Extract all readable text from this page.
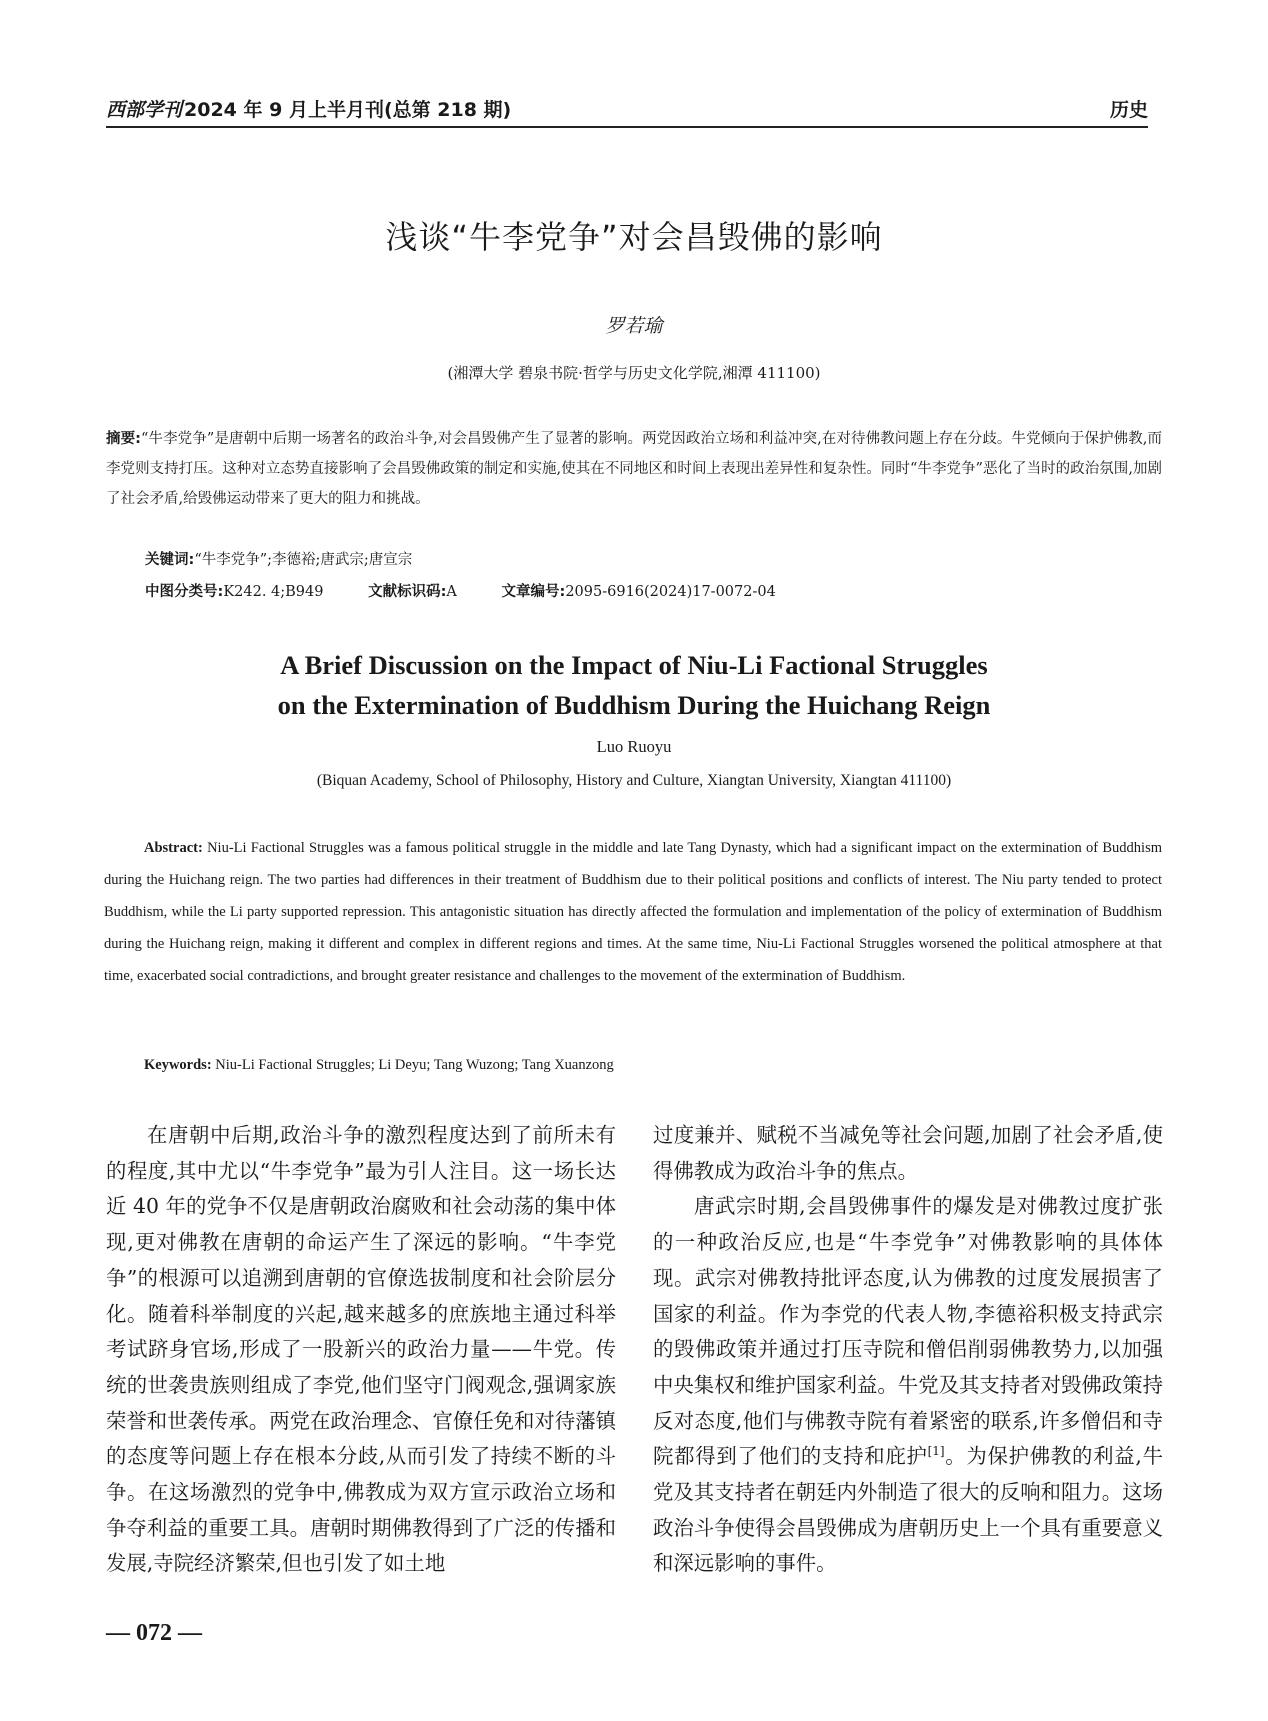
西部学刊 2024 年 9 月上半月刊(总第 218 期)	历史
浅谈“牛李党争”对会昌毁佛的影响
罗若瑜
(湘潭大学 碧泉书院·哲学与历史文化学院,湘潭 411100)

摘要:“牛李党争”是唐朝中后期一场著名的政治斗争,对会昌毁佛产生了显著的影响。两党因政治立场和利益冲突,在对待佛教问题上存在分歧。牛党倾向于保护佛教,而李党则支持打压。这种对立态势直接影响了会昌毁佛政策的制定和实施,使其在不同地区和时间上表现出差异性和复杂性。同时“牛李党争”恶化了当时的政治氛围,加剧了社会矛盾,给毁佛运动带来了更大的阻力和挑战。

关键词:“牛李党争”;李德裕;唐武宗;唐宣宗

中图分类号:K242. 4;B949	文献标识码:A	文章编号:2095-6916(2024)17-0072-04

A Brief Discussion on the Impact of Niu-Li Factional Struggles
on the Extermination of Buddhism During the Huichang Reign
Luo Ruoyu
(Biquan Academy, School of Philosophy, History and Culture, Xiangtan University, Xiangtan 411100)

Abstract: Niu-Li Factional Struggles was a famous political struggle in the middle and late Tang Dynasty, which had a significant impact on the extermination of Buddhism during the Huichang reign. The two parties had differences in their treatment of Buddhism due to their political positions and conflicts of interest. The Niu party tended to protect Buddhism, while the Li party supported repression. This antagonistic situation has directly affected the formulation and implementation of the policy of extermination of Buddhism during the Huichang reign, making it different and complex in different regions and times. At the same time, Niu-Li Factional Struggles worsened the political atmosphere at that time, exacerbated social contradictions, and brought greater resistance and challenges to the movement of the extermination of Buddhism.

Keywords: Niu-Li Factional Struggles; Li Deyu; Tang Wuzong; Tang Xuanzong

在唐朝中后期,政治斗争的激烈程度达到了前所未有的程度,其中尤以“牛李党争”最为引人注目。这一场长达近 40 年的党争不仅是唐朝政治腐败和社会动荡的集中体现,更对佛教在唐朝的命运产生了深远的影响。“牛李党争”的根源可以追溯到唐朝的官僚选拔制度和社会阶层分化。随着科举制度的兴起,越来越多的庶族地主通过科举考试跻身官场,形成了一股新兴的政治力量——牛党。传统的世袭贵族则组成了李党,他们坚守门阀观念,强调家族荣誉和世袭传承。两党在政治理念、官僚任免和对待藩镇的态度等问题上存在根本分歧,从而引发了持续不断的斗争。在这场激烈的党争中,佛教成为双方宣示政治立场和争夺利益的重要工具。唐朝时期佛教得到了广泛的传播和发展,寺院经济繁荣,但也引发了如土地

过度兼并、赋税不当减免等社会问题,加剧了社会矛盾,使得佛教成为政治斗争的焦点。

唐武宗时期,会昌毁佛事件的爆发是对佛教过度扩张的一种政治反应,也是“牛李党争”对佛教影响的具体体现。武宗对佛教持批评态度,认为佛教的过度发展损害了国家的利益。作为李党的代表人物,李德裕积极支持武宗的毁佛政策并通过打压寺院和僧侣削弱佛教势力,以加强中央集权和维护国家利益。牛党及其支持者对毁佛政策持反对态度,他们与佛教寺院有着紧密的联系,许多僧侣和寺院都得到了他们的支持和庇护[1]。为保护佛教的利益,牛党及其支持者在朝廷内外制造了很大的反响和阻力。这场政治斗争使得会昌毁佛成为唐朝历史上一个具有重要意义和深远影响的事件。

— 072 —
